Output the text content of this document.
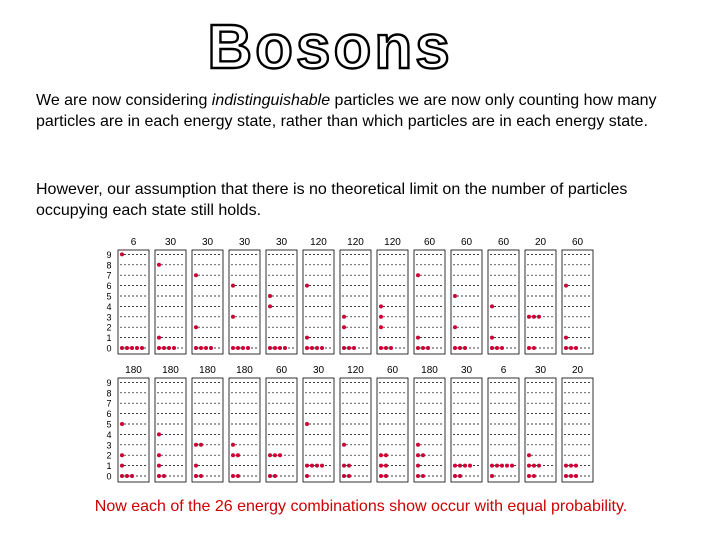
Bosons

We are now considering indistinguishable particles we are now only counting how many particles are in each energy state, rather than which particles are in each energy state.

However, our assumption that there is no theoretical limit on the number of particles occupying each state still holds.

0
1
2
3
4
5
6
7
8
9
6	30	30	30	30 120 120 120 60	60	60	20	60
0
1
2
3
4
5
6
7
8
9
180 180 180 180 60	30 120 60 180 30	6	30	20

Now each of the 26 energy combinations show occur with equal probability.
